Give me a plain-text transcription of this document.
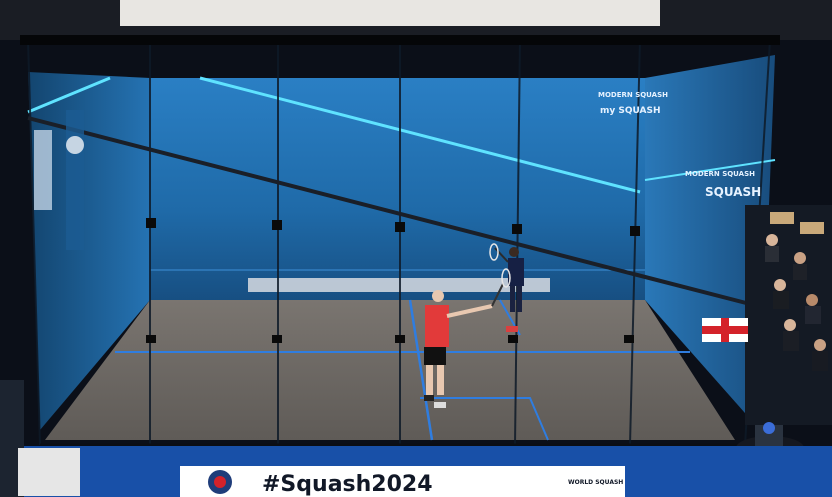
MODERN SQUASH
my SQUASH
MODERN SQUASH
SQUASH
#Squash2024	WORLD SQUASH
